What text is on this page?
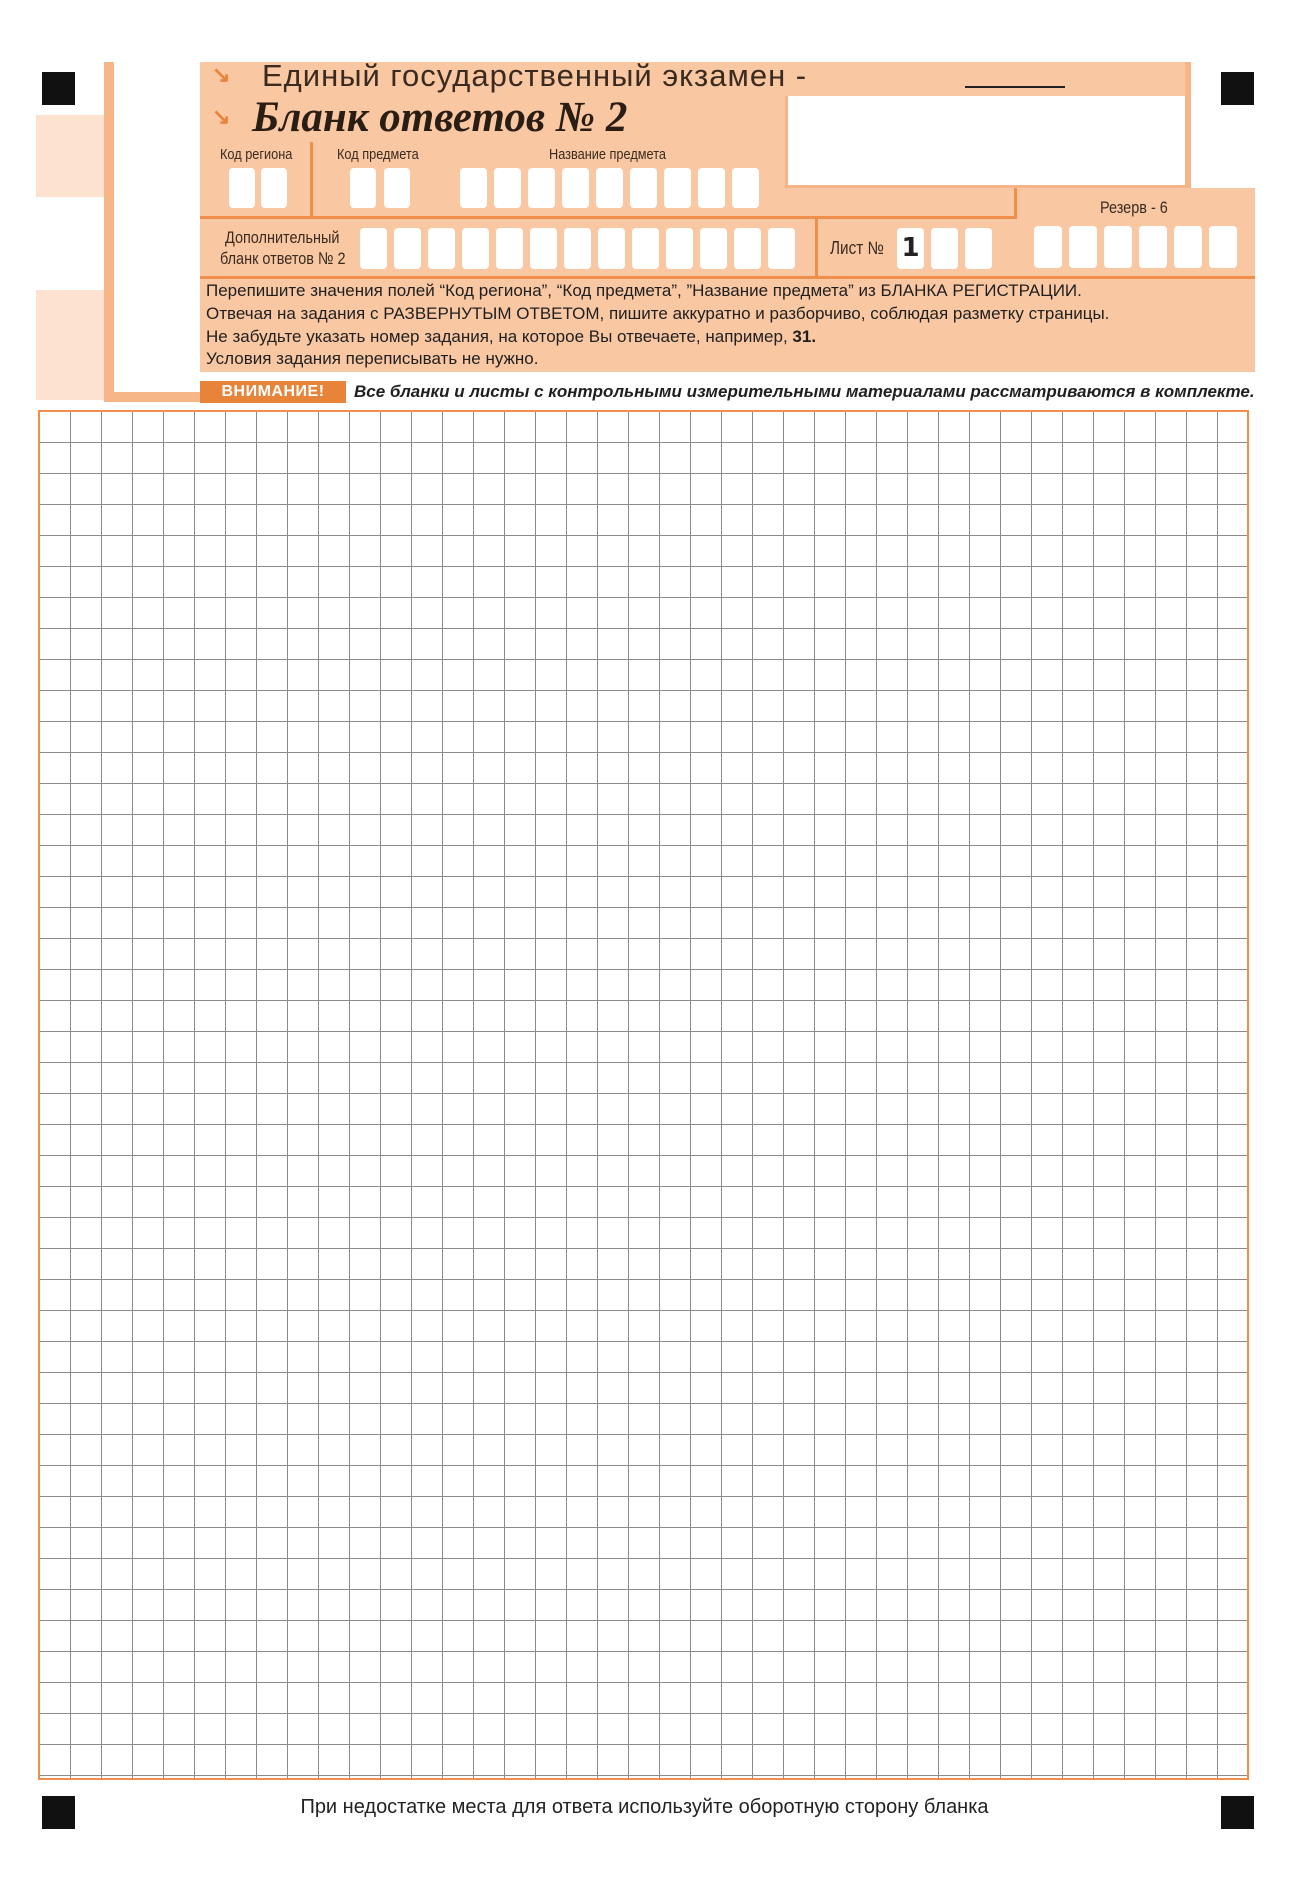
↘ Единый государственный экзамен -
↘ Бланк ответов № 2
Код региона	Код предмета	Название предмета
Резерв - 6
Дополнительный
бланк ответов № 2
Лист № 1
Перепишите значения полей “Код региона”, “Код предмета”, ”Название предмета” из БЛАНКА РЕГИСТРАЦИИ.
Отвечая на задания с РАЗВЕРНУТЫМ ОТВЕТОМ, пишите аккуратно и разборчиво, соблюдая разметку страницы.
Не забудьте указать номер задания, на которое Вы отвечаете, например, 31.
Условия задания переписывать не нужно.
ВНИМАНИЕ!	Все бланки и листы с контрольными измерительными материалами рассматриваются в комплекте.
При недостатке места для ответа используйте оборотную сторону бланка
